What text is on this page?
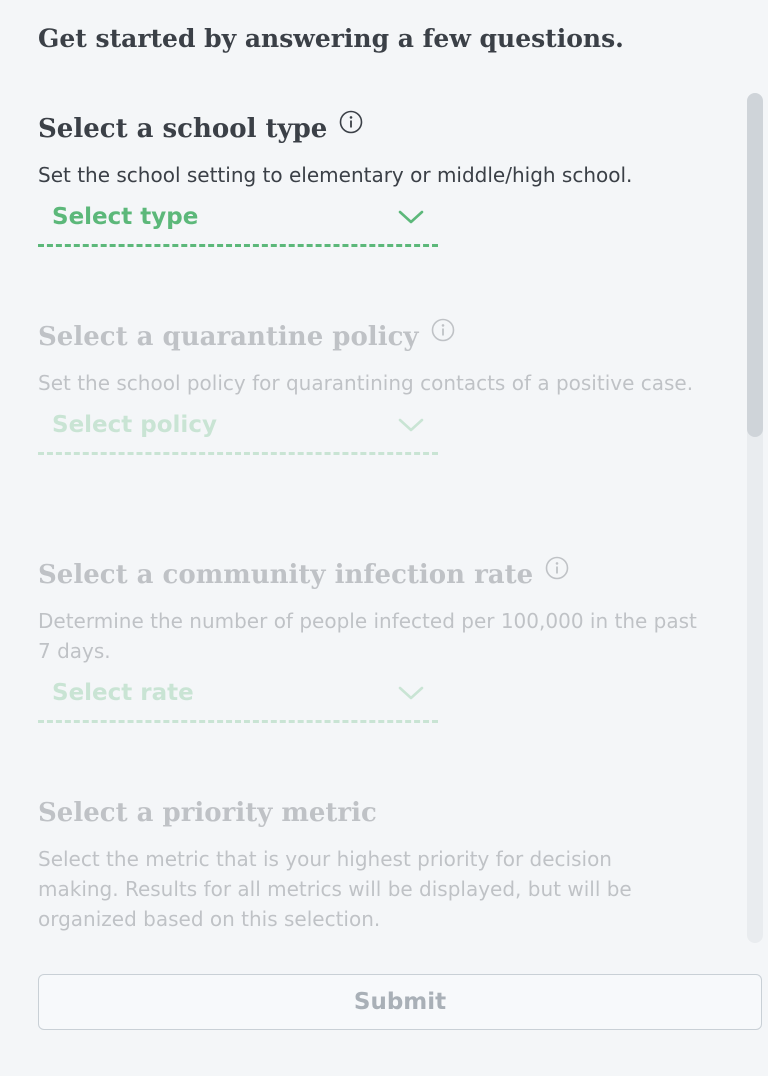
Get started by answering a few questions.
Select a school type
Set the school setting to elementary or middle/high school.
Select type
Select a quarantine policy
Set the school policy for quarantining contacts of a positive case.
Select policy
Select a community infection rate
Determine the number of people infected per 100,000 in the past 7 days.
Select rate
Select a priority metric
Select the metric that is your highest priority for decision making. Results for all metrics will be displayed, but will be organized based on this selection.
Submit
